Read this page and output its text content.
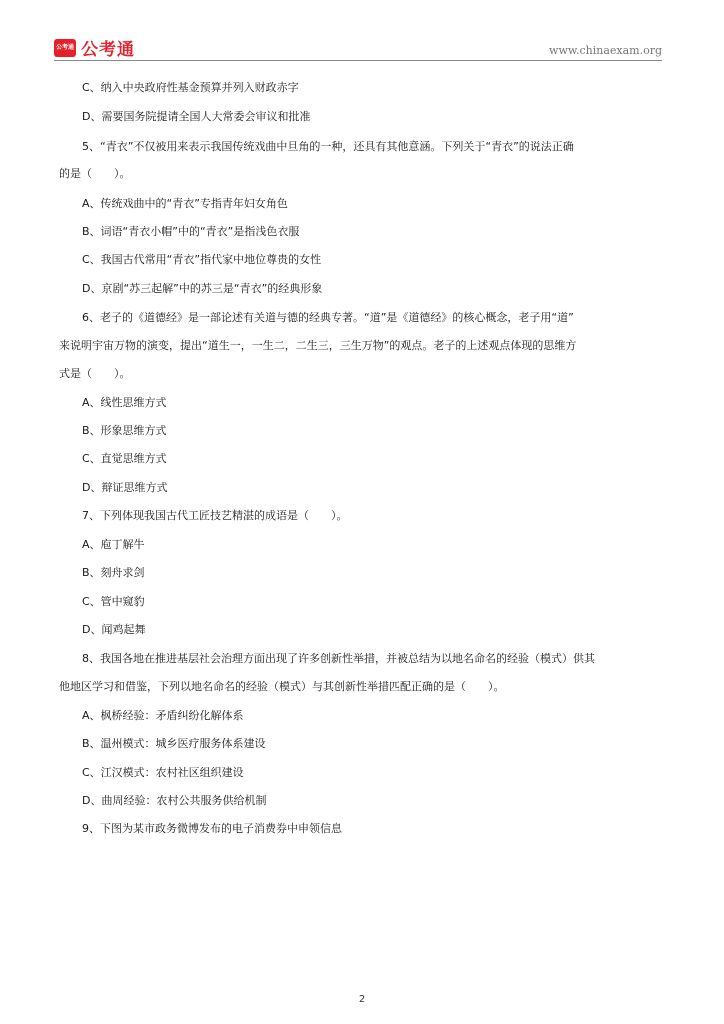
公考通 公考通	www.chinaexam.org
C、纳入中央政府性基金预算并列入财政赤字
D、需要国务院提请全国人大常委会审议和批准
5、“青衣”不仅被用来表示我国传统戏曲中旦角的一种，还具有其他意涵。下列关于“青衣”的说法正确
的是（　　）。
A、传统戏曲中的“青衣”专指青年妇女角色
B、词语“青衣小帽”中的“青衣”是指浅色衣服
C、我国古代常用“青衣”指代家中地位尊贵的女性
D、京剧“苏三起解”中的苏三是“青衣”的经典形象
6、老子的《道德经》是一部论述有关道与德的经典专著。“道”是《道德经》的核心概念，老子用“道”
来说明宇宙万物的演变，提出“道生一，一生二，二生三，三生万物”的观点。老子的上述观点体现的思维方
式是（　　）。
A、线性思维方式
B、形象思维方式
C、直觉思维方式
D、辩证思维方式
7、下列体现我国古代工匠技艺精湛的成语是（　　）。
A、庖丁解牛
B、刻舟求剑
C、管中窥豹
D、闻鸡起舞
8、我国各地在推进基层社会治理方面出现了许多创新性举措，并被总结为以地名命名的经验（模式）供其
他地区学习和借鉴，下列以地名命名的经验（模式）与其创新性举措匹配正确的是（　　）。
A、枫桥经验：矛盾纠纷化解体系
B、温州模式：城乡医疗服务体系建设
C、江汉模式：农村社区组织建设
D、曲周经验：农村公共服务供给机制
9、下图为某市政务微博发布的电子消费券中申领信息
2
